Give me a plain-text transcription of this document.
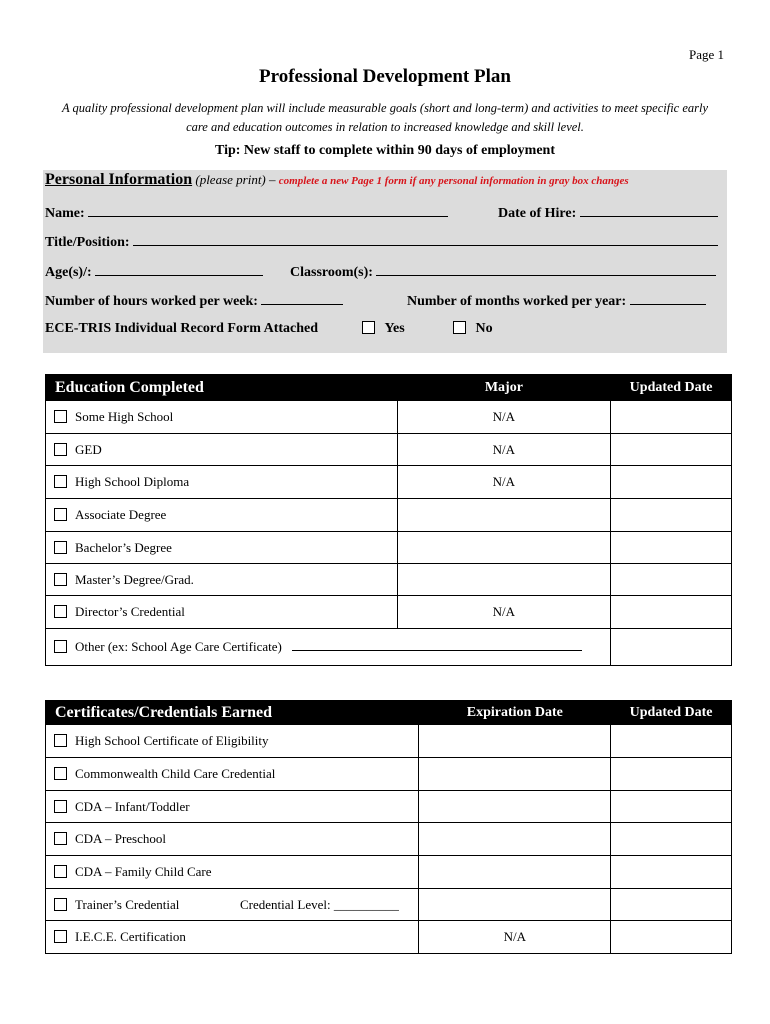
Page 1
Professional Development Plan
A quality professional development plan will include measurable goals (short and long-term) and activities to meet specific early care and education outcomes in relation to increased knowledge and skill level.
Tip: New staff to complete within 90 days of employment
Personal Information (please print) – complete a new Page 1 form if any personal information in gray box changes
Name:	Date of Hire:
Title/Position:
Age(s)/:	Classroom(s):
Number of hours worked per week:	Number of months worked per year:
ECE-TRIS Individual Record Form Attached	Yes	No
Education Completed	Major	Updated Date
Some High School	N/A	
GED	N/A	
High School Diploma	N/A	
Associate Degree		
Bachelor’s Degree		
Master’s Degree/Grad.		
Director’s Credential	N/A	
Other (ex: School Age Care Certificate)		
Certificates/Credentials Earned	Expiration Date	Updated Date
High School Certificate of Eligibility		
Commonwealth Child Care Credential		
CDA – Infant/Toddler		
CDA – Preschool		
CDA – Family Child Care		
Trainer’s Credential Credential Level: __________		
I.E.C.E. Certification	N/A	
